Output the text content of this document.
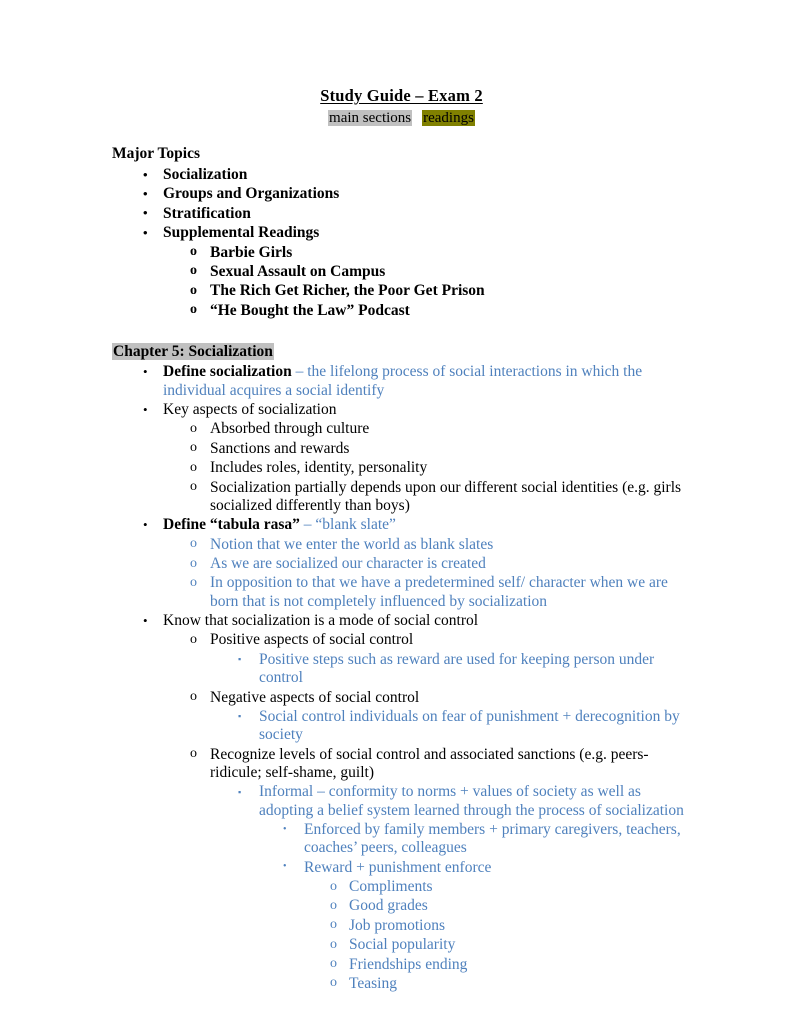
Study Guide – Exam 2
main sections readings
Major Topics
• Socialization
• Groups and Organizations
• Stratification
• Supplemental Readings
o Barbie Girls
o Sexual Assault on Campus
o The Rich Get Richer, the Poor Get Prison
o “He Bought the Law” Podcast
Chapter 5: Socialization
• Define socialization – the lifelong process of social interactions in which the individual acquires a social identify
• Key aspects of socialization
o Absorbed through culture
o Sanctions and rewards
o Includes roles, identity, personality
o Socialization partially depends upon our different social identities (e.g. girls socialized differently than boys)
• Define “tabula rasa” – “blank slate”
o Notion that we enter the world as blank slates
o As we are socialized our character is created
o In opposition to that we have a predetermined self/ character when we are born that is not completely influenced by socialization
• Know that socialization is a mode of social control
o Positive aspects of social control
▪	Positive steps such as reward are used for keeping person under control
o Negative aspects of social control
▪	Social control individuals on fear of punishment + derecognition by society
o Recognize levels of social control and associated sanctions (e.g. peers-ridicule; self-shame, guilt)
▪	Informal – conformity to norms + values of society as well as adopting a belief system learned through the process of socialization
•	Enforced by family members + primary caregivers, teachers, coaches’ peers, colleagues
•	Reward + punishment enforce
o Compliments
o Good grades
o Job promotions
o Social popularity
o Friendships ending
o Teasing
